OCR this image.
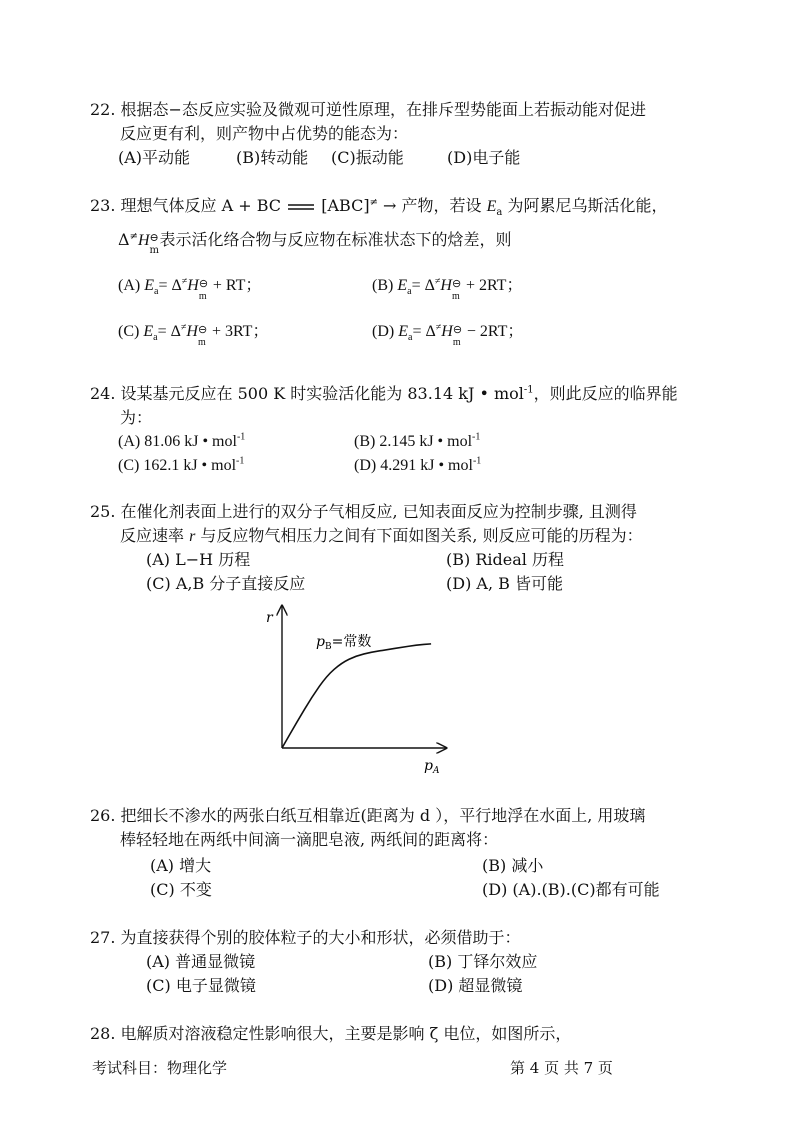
22. 根据态−态反应实验及微观可逆性原理，在排斥型势能面上若振动能对促进
反应更有利，则产物中占优势的能态为：
(A)平动能	(B)转动能 (C)振动能	(D)电子能
23. 理想气体反应 A + BC  [ABC]≠ → 产物，若设 $E_a$ 为阿累尼乌斯活化能，
Δ≠H ⊖
m
表示活化络合物与反应物在标准状态下的焓差，则
(A) $E_a= \Delta^\ne H$ ⊖
m
+ RT；	(B) $E_a= \Delta^\ne H$ ⊖
m
+ 2RT；
(C) $E_a= \Delta^\ne H$ ⊖
m
+ 3RT；	(D) $E_a= \Delta^\ne H$ ⊖
m
− 2RT；
24. 设某基元反应在 500 K 时实验活化能为 83.14 kJ • mol$^{-1}$，则此反应的临界能
为：
(A) 81.06 kJ • mol$^{-1}$	(B) 2.145 kJ • mol$^{-1}$
(C) 162.1 kJ • mol$^{-1}$	(D) 4.291 kJ • mol$^{-1}$
25. 在催化剂表面上进行的双分子气相反应, 已知表面反应为控制步骤, 且测得
反应速率 r 与反应物气相压力之间有下面如图关系, 则反应可能的历程为：
(A) L−H 历程	(B) Rideal 历程
(C) A,B 分子直接反应	(D) A, B 皆可能
r
$p_A$
$p_B=$常数
26. 把细长不渗水的两张白纸互相靠近(距离为 d ），平行地浮在水面上, 用玻璃
棒轻轻地在两纸中间滴一滴肥皂液, 两纸间的距离将：
(A) 增大	(B) 减小
(C) 不变	(D) (A).(B).(C)都有可能
27. 为直接获得个别的胶体粒子的大小和形状，必须借助于：
(A) 普通显微镜	(B) 丁铎尔效应
(C) 电子显微镜	(D) 超显微镜
28. 电解质对溶液稳定性影响很大，主要是影响 ζ 电位，如图所示，
考试科目：物理化学	第 4 页 共 7 页
